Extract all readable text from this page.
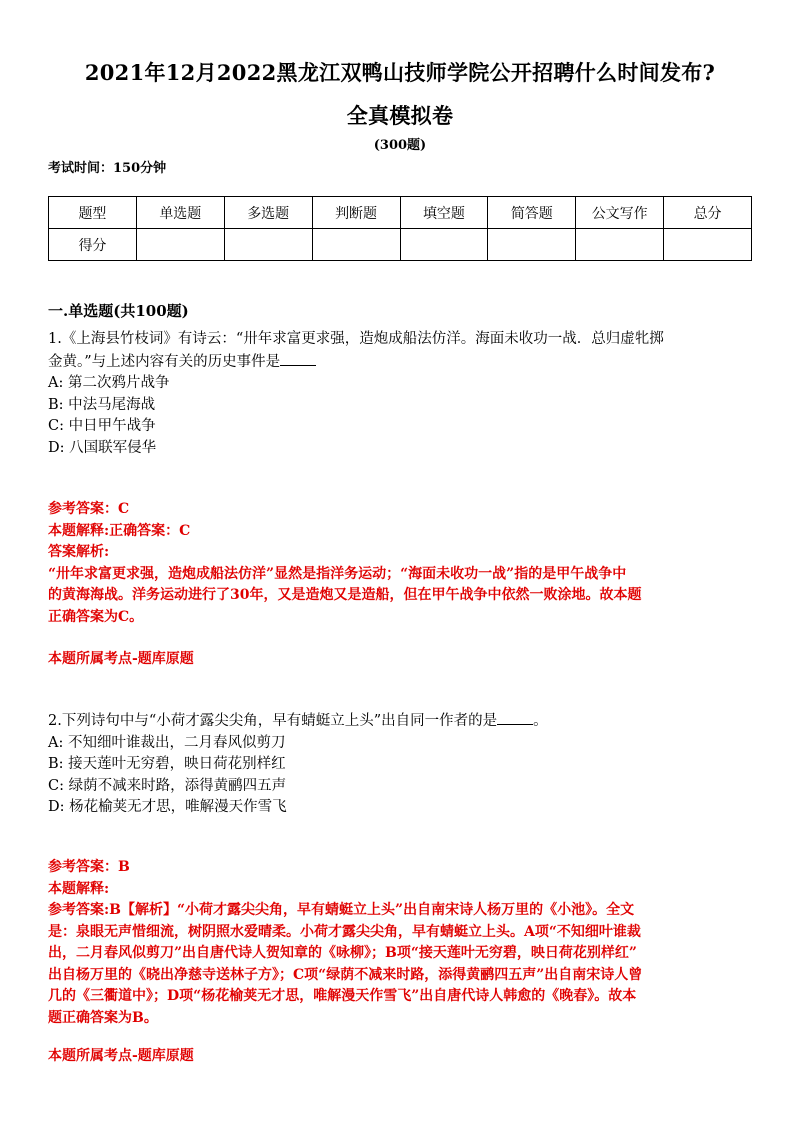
2021年12月2022黑龙江双鸭山技师学院公开招聘什么时间发布?
全真模拟卷
(300题)
考试时间：150分钟
题型	单选题	多选题	判断题	填空题	简答题	公文写作	总分
得分							
一.单选题(共100题)
1.《上海县竹枝词》有诗云：“卅年求富更求强，造炮成船法仿洋。海面未收功一战．总归虚牝掷
金黄。”与上述内容有关的历史事件是
A: 第二次鸦片战争
B: 中法马尾海战
C: 中日甲午战争
D: 八国联军侵华
参考答案：C
本题解释:正确答案：C
答案解析:
“卅年求富更求强，造炮成船法仿洋”显然是指洋务运动；“海面未收功一战”指的是甲午战争中
的黄海海战。洋务运动进行了30年，又是造炮又是造船，但在甲午战争中依然一败涂地。故本题
正确答案为C。
本题所属考点-题库原题
2.下列诗句中与“小荷才露尖尖角，早有蜻蜓立上头”出自同一作者的是 。
A: 不知细叶谁裁出，二月春风似剪刀
B: 接天莲叶无穷碧，映日荷花别样红
C: 绿荫不减来时路，添得黄鹂四五声
D: 杨花榆荚无才思，唯解漫天作雪飞
参考答案：B
本题解释:
参考答案:B【解析】“小荷才露尖尖角，早有蜻蜓立上头”出自南宋诗人杨万里的《小池》。全文
是：泉眼无声惜细流，树阴照水爱晴柔。小荷才露尖尖角，早有蜻蜓立上头。A项“不知细叶谁裁
出，二月春风似剪刀”出自唐代诗人贺知章的《咏柳》；B项“接天莲叶无穷碧，映日荷花别样红”
出自杨万里的《晓出净慈寺送林子方》；C项“绿荫不减来时路，添得黄鹂四五声”出自南宋诗人曾
几的《三衢道中》；D项“杨花榆荚无才思，唯解漫天作雪飞”出自唐代诗人韩愈的《晚春》。故本
题正确答案为B。
本题所属考点-题库原题
